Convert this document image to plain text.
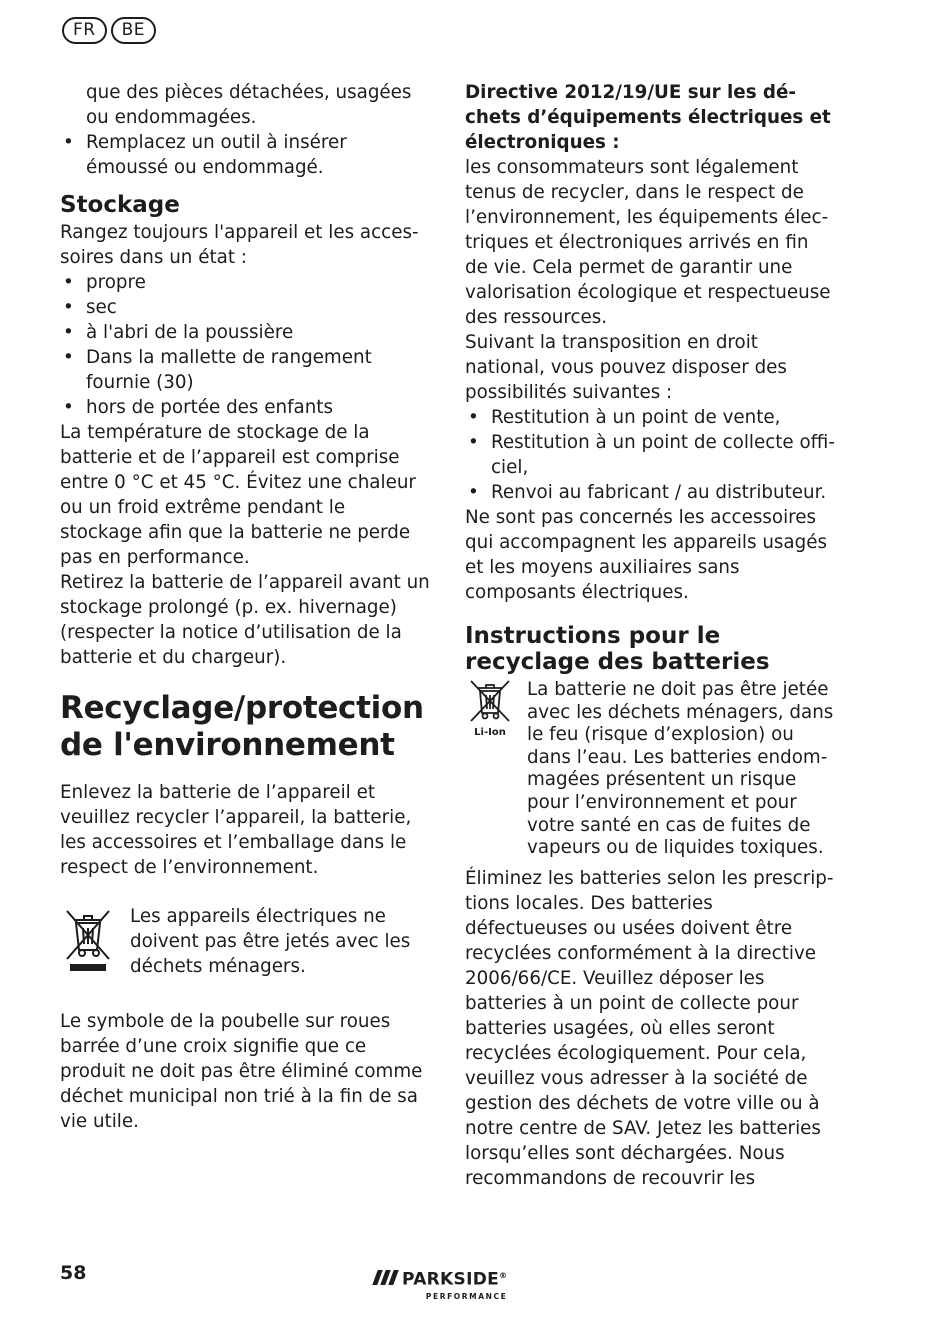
FR	BE

que des pièces détachées, usagées ou endommagées.

• Remplacez un outil à insérer émoussé ou endommagé.
Stockage

Rangez toujours l'appareil et les accessoires dans un état :

• propre
• sec
• à l'abri de la poussière
• Dans la mallette de rangement fournie (30)
• hors de portée des enfants

La température de stockage de la batterie et de l’appareil est comprise entre 0 °C et 45 °C. Évitez une chaleur ou un froid extrême pendant le stockage afin que la batterie ne perde pas en performance.

Retirez la batterie de l’appareil avant un stockage prolongé (p. ex. hivernage) (respecter la notice d’utilisation de la batterie et du chargeur).

Recyclage/protection
de l'environnement

Enlevez la batterie de l’appareil et veuillez recycler l’appareil, la batterie, les accessoires et l’emballage dans le respect de l’environnement.

Les appareils électriques ne doivent pas être jetés avec les déchets ménagers.

Le symbole de la poubelle sur roues barrée d’une croix signifie que ce produit ne doit pas être éliminé comme déchet municipal non trié à la fin de sa vie utile.

Directive 2012/19/UE sur les déchets d’équipements électriques et électroniques :

les consommateurs sont légalement tenus de recycler, dans le respect de l’environnement, les équipements électriques et électroniques arrivés en fin de vie. Cela permet de garantir une valorisation écologique et respectueuse des ressources.

Suivant la transposition en droit national, vous pouvez disposer des possibilités suivantes :

• Restitution à un point de vente,
• Restitution à un point de collecte officiel,
• Renvoi au fabricant / au distributeur.

Ne sont pas concernés les accessoires qui accompagnent les appareils usagés et les moyens auxiliaires sans composants électriques.

Instructions pour le
recyclage des batteries
Li-Ion

La batterie ne doit pas être jetée avec les déchets ménagers, dans le feu (risque d’explosion) ou dans l’eau. Les batteries endommagées présentent un risque pour l’environnement et pour votre santé en cas de fuites de vapeurs ou de liquides toxiques.

Éliminez les batteries selon les prescriptions locales. Des batteries défectueuses ou usées doivent être recyclées conformément à la directive 2006/66/CE. Veuillez déposer les batteries à un point de collecte pour batteries usagées, où elles seront recyclées écologiquement. Pour cela, veuillez vous adresser à la société de gestion des déchets de votre ville ou à notre centre de SAV. Jetez les batteries lorsqu’elles sont déchargées. Nous recommandons de recouvrir les

58	PARKSIDE®
PERFORMANCE
